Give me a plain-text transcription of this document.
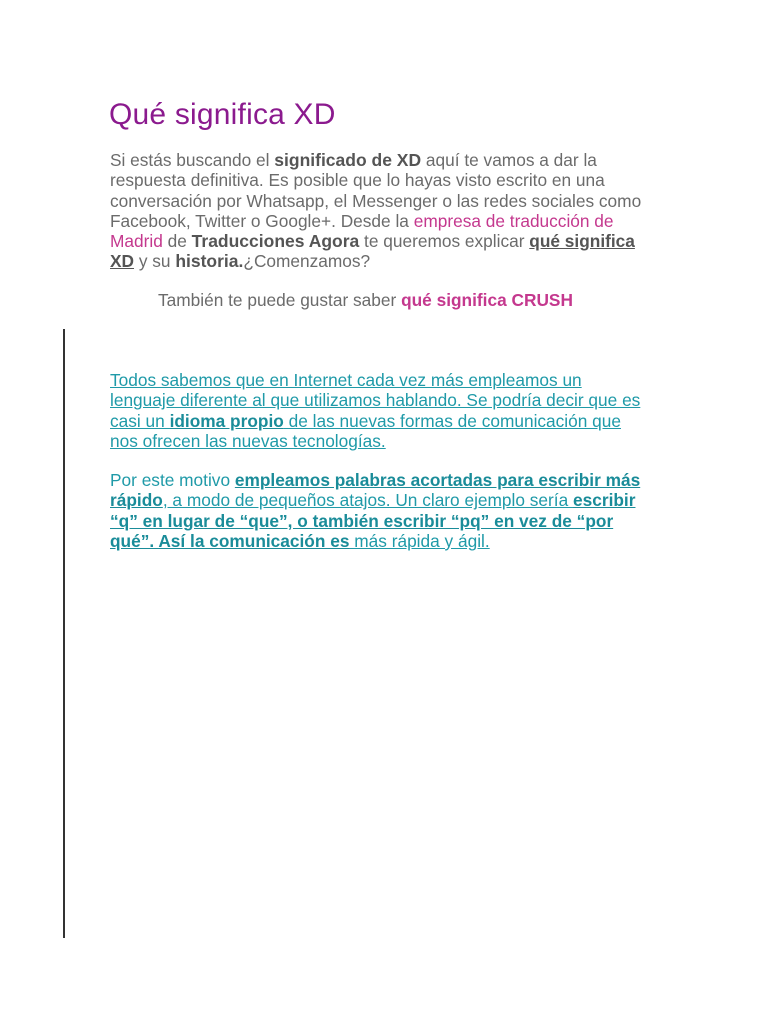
Qué significa XD

Si estás buscando el significado de XD aquí te vamos a dar la respuesta definitiva. Es posible que lo hayas visto escrito en una conversación por Whatsapp, el Messenger o las redes sociales como Facebook, Twitter o Google+. Desde la empresa de traducción de Madrid de Traducciones Agora te queremos explicar qué significa XD y su historia.¿Comenzamos?

También te puede gustar saber qué significa CRUSH

Todos sabemos que en Internet cada vez más empleamos un lenguaje diferente al que utilizamos hablando. Se podría decir que es casi un idioma propio de las nuevas formas de comunicación que nos ofrecen las nuevas tecnologías.

Por este motivo empleamos palabras acortadas para escribir más rápido, a modo de pequeños atajos. Un claro ejemplo sería escribir “q” en lugar de “que”, o también escribir “pq” en vez de “por qué”. Así la comunicación es más rápida y ágil.
